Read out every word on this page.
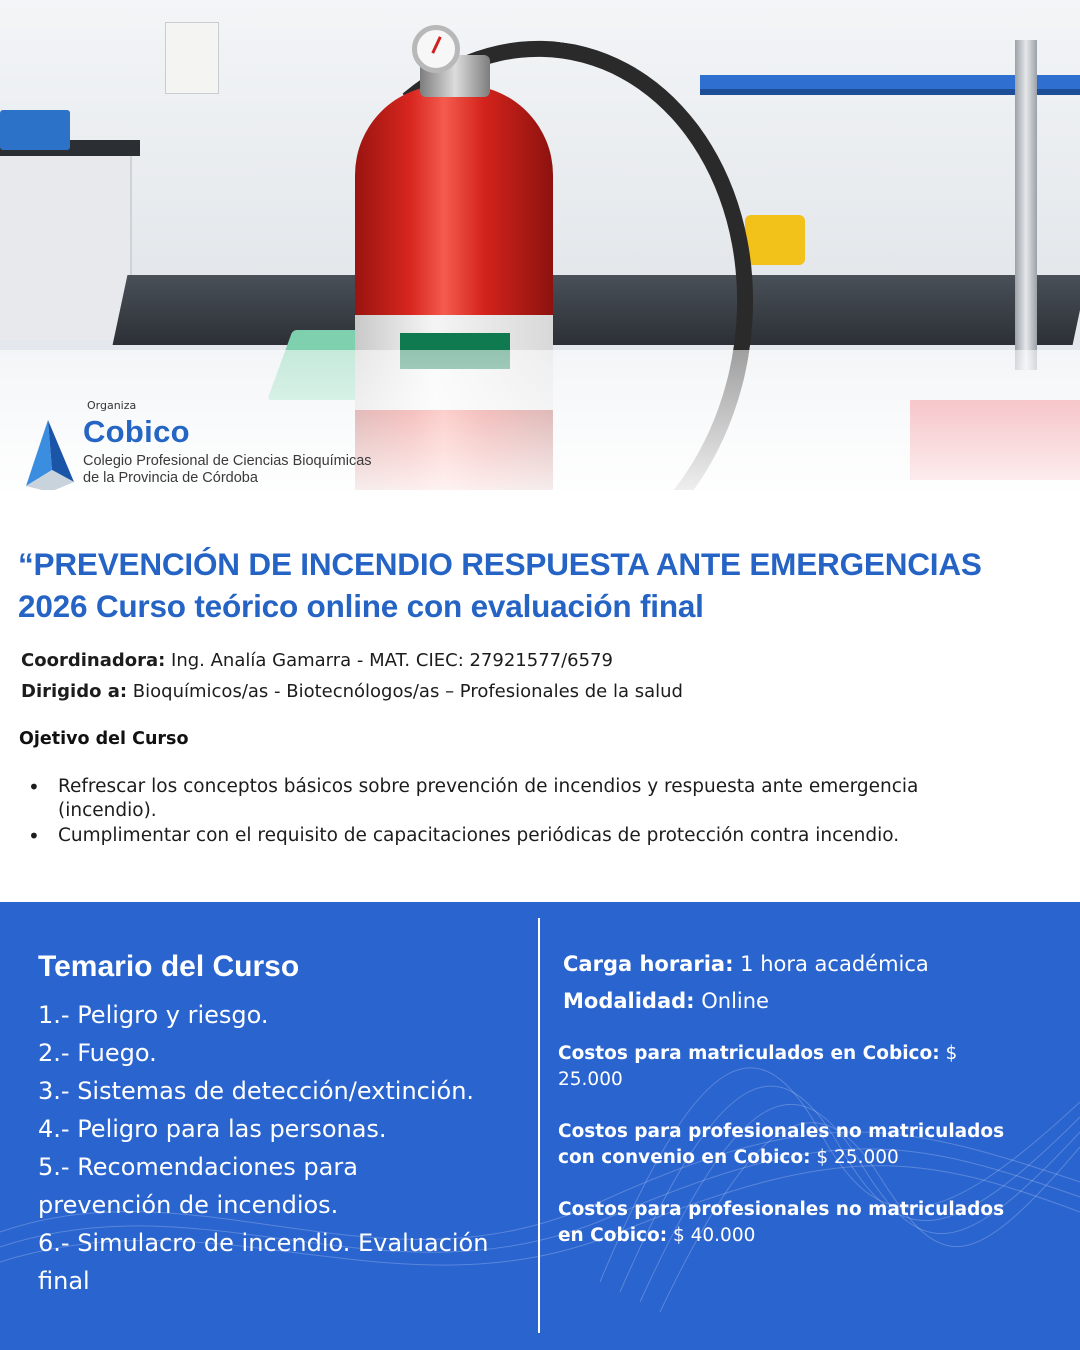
Organiza
Cobico
Colegio Profesional de Ciencias Bioquímicas
de la Provincia de Córdoba
“PREVENCIÓN DE INCENDIO RESPUESTA ANTE EMERGENCIAS
2026 Curso teórico online con evaluación final
Coordinadora: Ing. Analía Gamarra - MAT. CIEC: 27921577/6579
Dirigido a: Bioquímicos/as - Biotecnólogos/as – Profesionales de la salud
Ojetivo del Curso
• Refrescar los conceptos básicos sobre prevención de incendios y respuesta ante emergencia (incendio).
• Cumplimentar con el requisito de capacitaciones periódicas de protección contra incendio.
Temario del Curso
1.- Peligro y riesgo.
2.- Fuego.
3.- Sistemas de detección/extinción.
4.- Peligro para las personas.
5.- Recomendaciones para prevención de incendios.
6.- Simulacro de incendio. Evaluación final
Carga horaria: 1 hora académica
Modalidad: Online
Costos para matriculados en Cobico: $ 25.000
Costos para profesionales no matriculados con convenio en Cobico: $ 25.000
Costos para profesionales no matriculados en Cobico: $ 40.000
